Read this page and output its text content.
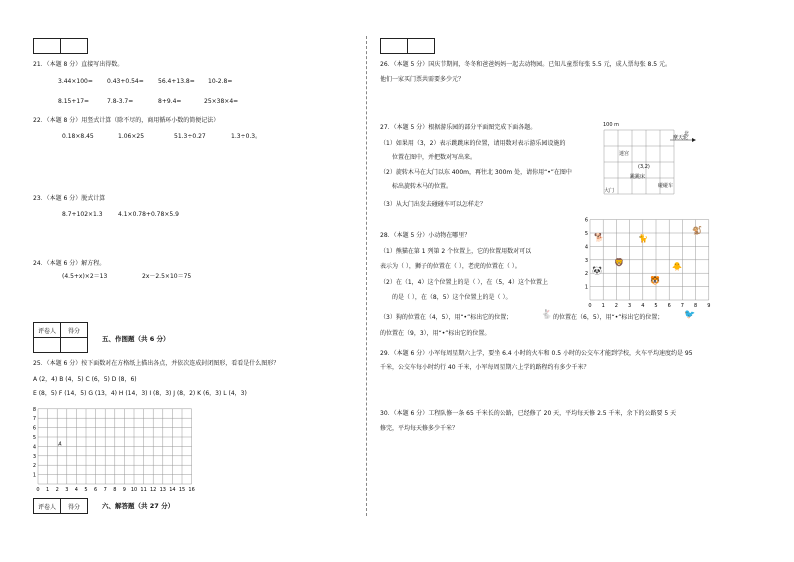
21．（本题 8 分）直接写出得数。
3.44×100= 0.43+0.54= 56.4+13.8= 10-2.8=
8.15+17=	7.8-3.7=	8+9.4=	25×38×4=
22．（本题 8 分）用竖式计算（除不尽的，商用循环小数的简便记法）
0.18×8.45	1.06×25	51.3÷0.27	1.3÷0.3。
23．（本题 6 分）脱式计算
8.7+102×1.3	4.1×0.78+0.78×5.9
24．（本题 6 分）解方程。
(4.5+x)×2＝13	2x－2.5×10＝75
评卷人	得分

五、作图题（共 6 分）
25．（本题 6 分）按下面数对在方格纸上描出各点，并依次连成封闭图形，看看是什么图形？
A (2，4) B (4，5) C (6，5) D (8，6)
E (8，5) F (14，5) G (13，4) H (14，3) I (8，3) J (8，2) K (6，3) L (4，3)
0 1 2 3 4 5 6 7 8 9 10 11 12 13 14 15 16
1
2
3
4
5
6
7
8
A
评卷人	得分	六、解答题（共 27 分）
26．（本题 5 分）国庆节期间，冬冬和爸爸妈妈一起去动物园。已知儿童票每张 5.5 元，成人票每张 8.5 元。
他们一家买门票共需要多少元？
27．（本题 5 分）根据游乐园的部分平面图完成下面各题。
（1）如果用（3，2）表示跳跳床的位置，请用数对表示游乐园设施的
位置在图中，并把数对写出来。
（2）旋转木马在大门以东 400m，再往北 300m 处，请你用“•”在图中
标出旋转木马的位置。
（3）从大门出发去碰碰车可以怎样走？
100 m
北
摩天轮
迷宫
(3,2)
跳跳床
碰碰车
大门
28．（本题 5 分）小动物在哪里？
（1）熊猫在第 1 列第 2 个位置上，它的位置用数对可以
表示为（ ），狮子的位置在（ ），老虎的位置在（ ）。
（2）在（1，4）这个位置上的是（ ），在（5，4）这个位置上
的是（ ），在（8，5）这个位置上的是（ ）。
（3）狗的位置在（4，5），用“•”标出它的位置；	🐇 的位置在（6，5），用“•”标出它的位置； 🐦
的位置在（9，3），用“•”标出它的位置。
0 1 2 3 4 5 6 7 8 9
1
2
3
4
5
6
🐕
🦁
🐈
🐯
🐥
🐒
🐼
29．（本题 6 分）小军每周星期六上学，要坐 6.4 小时的火车和 0.5 小时的公交车才能到学校，火车平均速度约是 95
千米，公交车每小时约行 40 千米，小军每周星期六上学的路程约有多少千米？
30．（本题 6 分）工程队修一条 65 千米长的公路，已经修了 20 天，平均每天修 2.5 千米，余下的公路要 5 天
修完，平均每天修多少千米？
